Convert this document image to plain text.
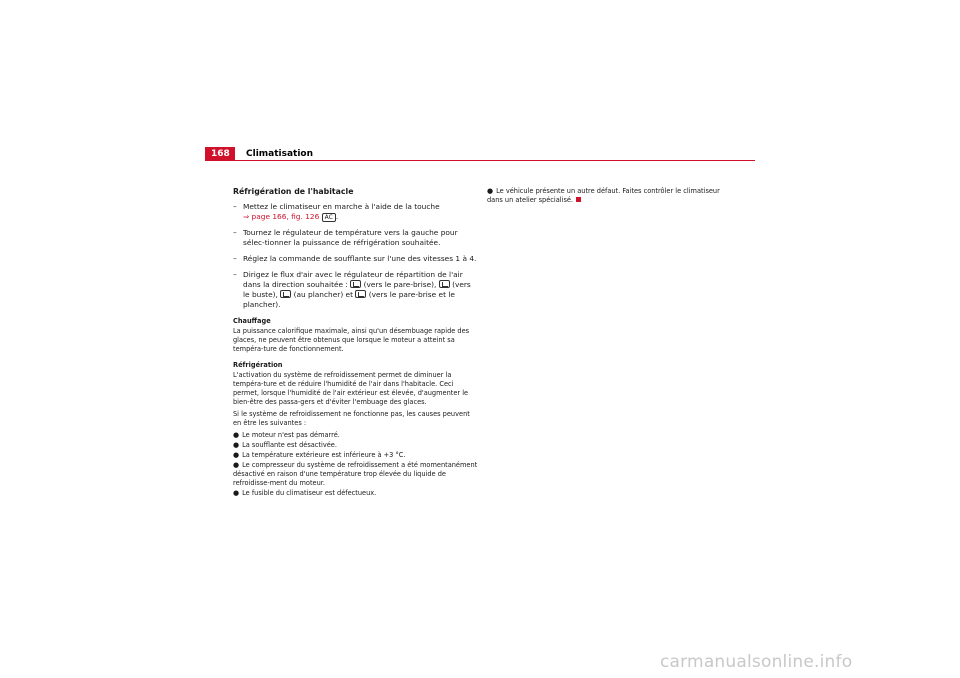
168	Climatisation
Réfrigération de l'habitacle
– Mettez le climatiseur en marche à l'aide de la touche
⇒ page 166, fig. 126 AC .
– Tournez le régulateur de température vers la gauche pour sélec-tionner la puissance de réfrigération souhaitée.
– Réglez la commande de soufflante sur l'une des vitesses 1 à 4.
– Dirigez le flux d'air avec le régulateur de répartition de l'air dans la direction souhaitée : (vers le pare-brise), (vers le buste), (au plancher) et (vers le pare-brise et le plancher).
Chauffage
La puissance calorifique maximale, ainsi qu'un désembuage rapide des glaces, ne peuvent être obtenus que lorsque le moteur a atteint sa tempéra-ture de fonctionnement.
Réfrigération
L'activation du système de refroidissement permet de diminuer la tempéra-ture et de réduire l'humidité de l'air dans l'habitacle. Ceci permet, lorsque l'humidité de l'air extérieur est élevée, d'augmenter le bien-être des passa-gers et d'éviter l'embuage des glaces.
Si le système de refroidissement ne fonctionne pas, les causes peuvent en être les suivantes :
● Le moteur n'est pas démarré.
● La soufflante est désactivée.
● La température extérieure est inférieure à +3 °C.
● Le compresseur du système de refroidissement a été momentanément désactivé en raison d'une température trop élevée du liquide de refroidisse-ment du moteur.
● Le fusible du climatiseur est défectueux.
● Le véhicule présente un autre défaut. Faites contrôler le climatiseur dans un atelier spécialisé.
carmanualsonline.info
